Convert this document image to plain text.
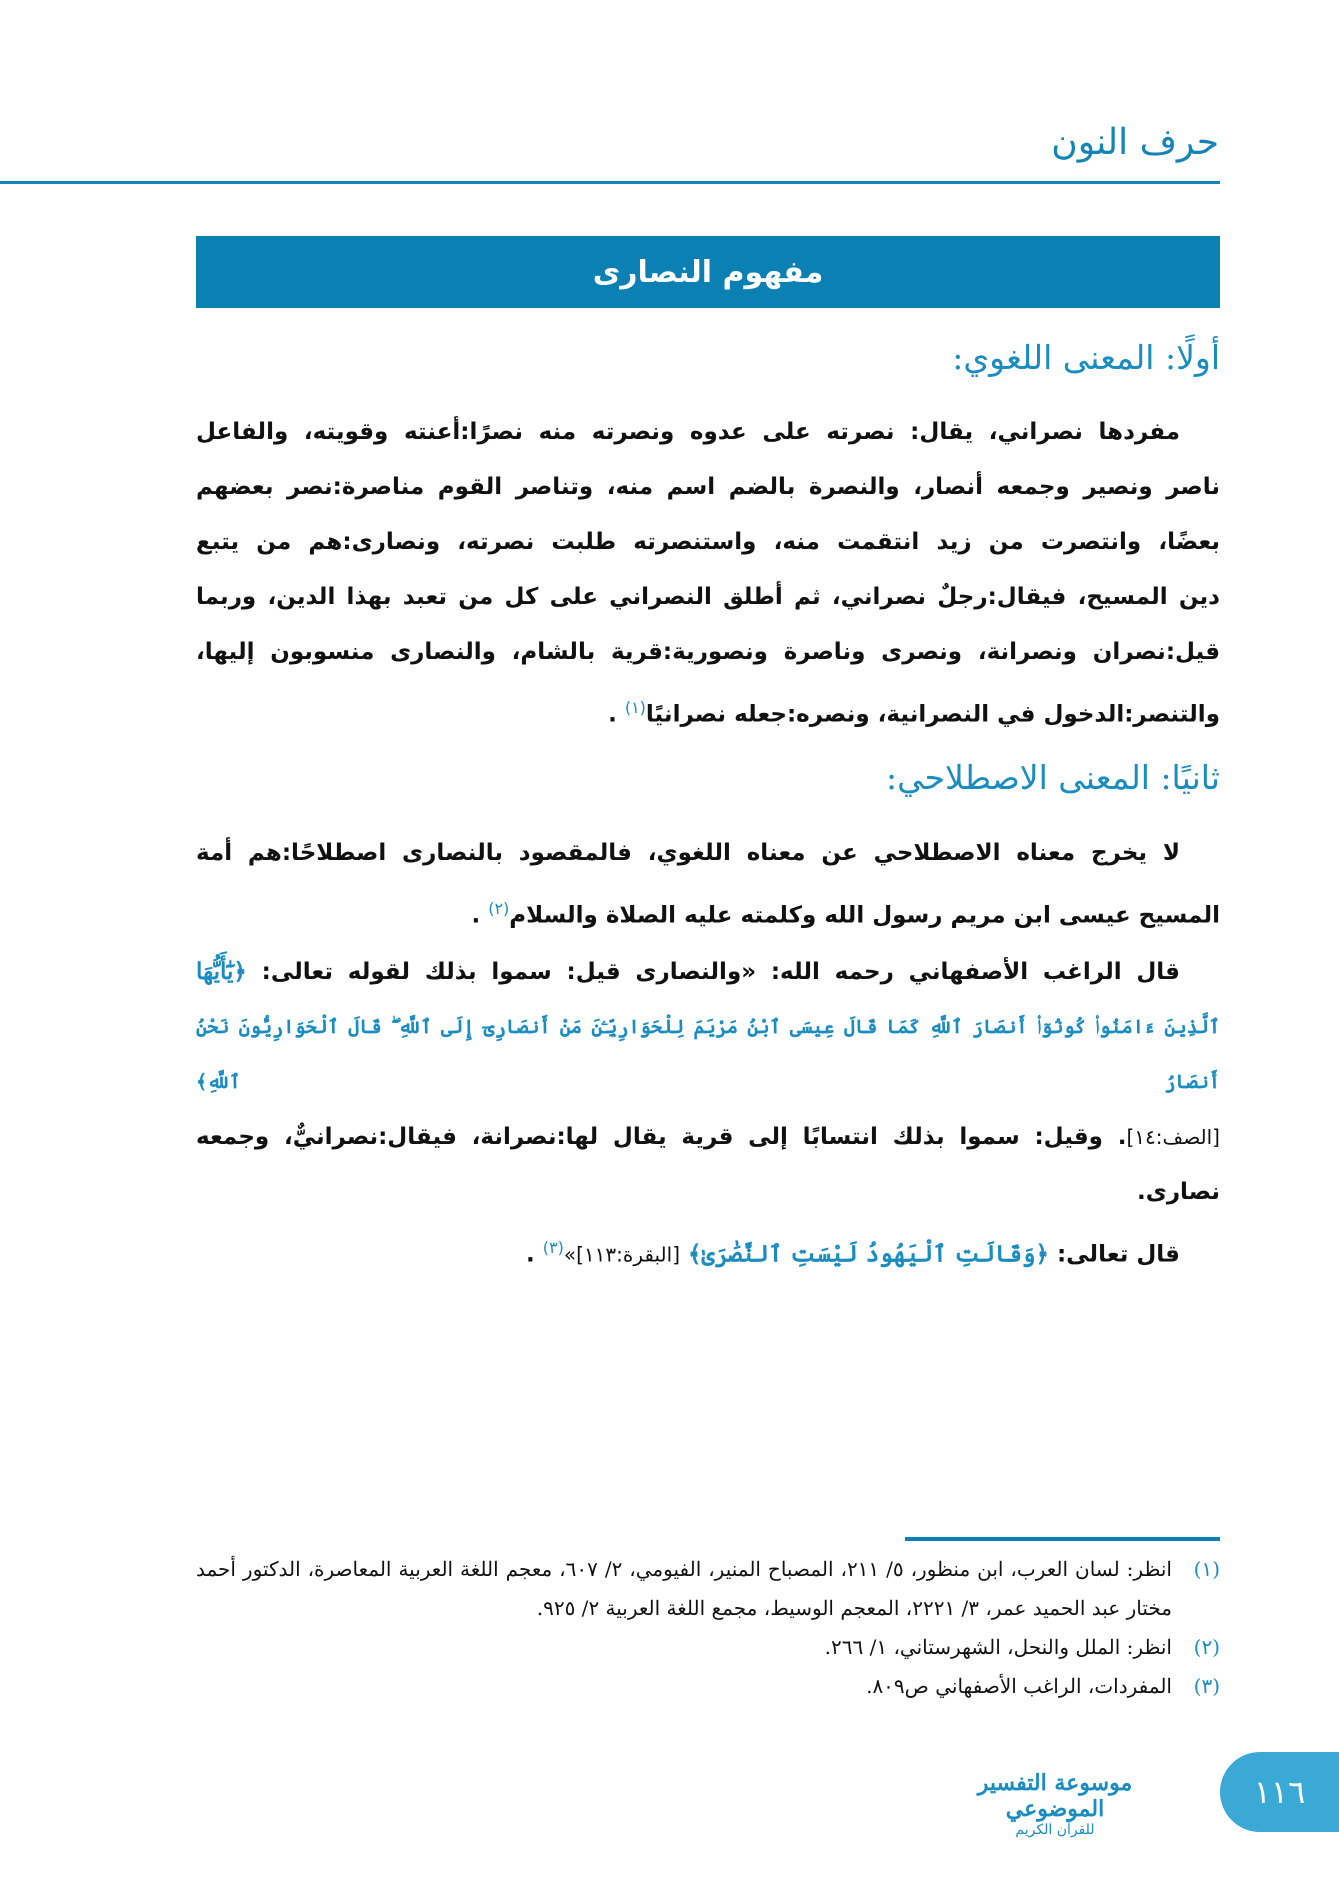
حرف النون
مفهوم النصارى
أولًا: المعنى اللغوي:
مفردها نصراني، يقال: نصرته على عدوه ونصرته منه نصرًا:أعنته وقويته، والفاعل
ناصر ونصير وجمعه أنصار، والنصرة بالضم اسم منه، وتناصر القوم مناصرة:نصر بعضهم
بعضًا، وانتصرت من زيد انتقمت منه، واستنصرته طلبت نصرته، ونصارى:هم من يتبع
دين المسيح، فيقال:رجلٌ نصراني، ثم أطلق النصراني على كل من تعبد بهذا الدين، وربما
قيل:نصران ونصرانة، ونصرى وناصرة ونصورية:قرية بالشام، والنصارى منسوبون إليها،
والتنصر:الدخول في النصرانية، ونصره:جعله نصرانيًا$^{(١)}$ .
ثانيًا: المعنى الاصطلاحي:
لا يخرج معناه الاصطلاحي عن معناه اللغوي، فالمقصود بالنصارى اصطلاحًا:هم أمة
المسيح عيسى ابن مريم رسول الله وكلمته عليه الصلاة والسلام$^{(٢)}$ .
قال الراغب الأصفهاني رحمه الله: «والنصارى قيل: سموا بذلك لقوله تعالى: ﴿يَٰٓأَيُّهَا
ٱلَّذِينَ ءَامَنُوا۟ كُونُوٓا۟ أَنصَارَ ٱللَّهِ كَمَا قَالَ عِيسَى ٱبْنُ مَرْيَمَ لِلْحَوَارِيِّـۧنَ مَنْ أَنصَارِىٓ إِلَى ٱللَّهِ ۖ قَالَ ٱلْحَوَارِيُّونَ نَحْنُ أَنصَارُ ٱللَّهِ﴾
[الصف:١٤]. وقيل: سموا بذلك انتسابًا إلى قرية يقال لها:نصرانة، فيقال:نصرانيٌّ، وجمعه
نصارى.
قال تعالى: ﴿وَقَالَتِ ٱلْيَهُودُ لَيْسَتِ ٱلنَّصَٰرَىٰ﴾ [البقرة:١١٣]»$^{(٣)}$ .
(١)
انظر: لسان العرب، ابن منظور، ٥/ ٢١١، المصباح المنير، الفيومي، ٢/ ٦٠٧، معجم اللغة العربية المعاصرة، الدكتور أحمد مختار عبد الحميد عمر، ٣/ ٢٢٢١، المعجم الوسيط، مجمع اللغة العربية ٢/ ٩٢٥.
(٢)
انظر: الملل والنحل، الشهرستاني، ١/ ٢٦٦.
(٣)
المفردات، الراغب الأصفهاني ص٨٠٩.
موسوعة التفسير الموضوعي
للقرآن الكريم
١١٦
